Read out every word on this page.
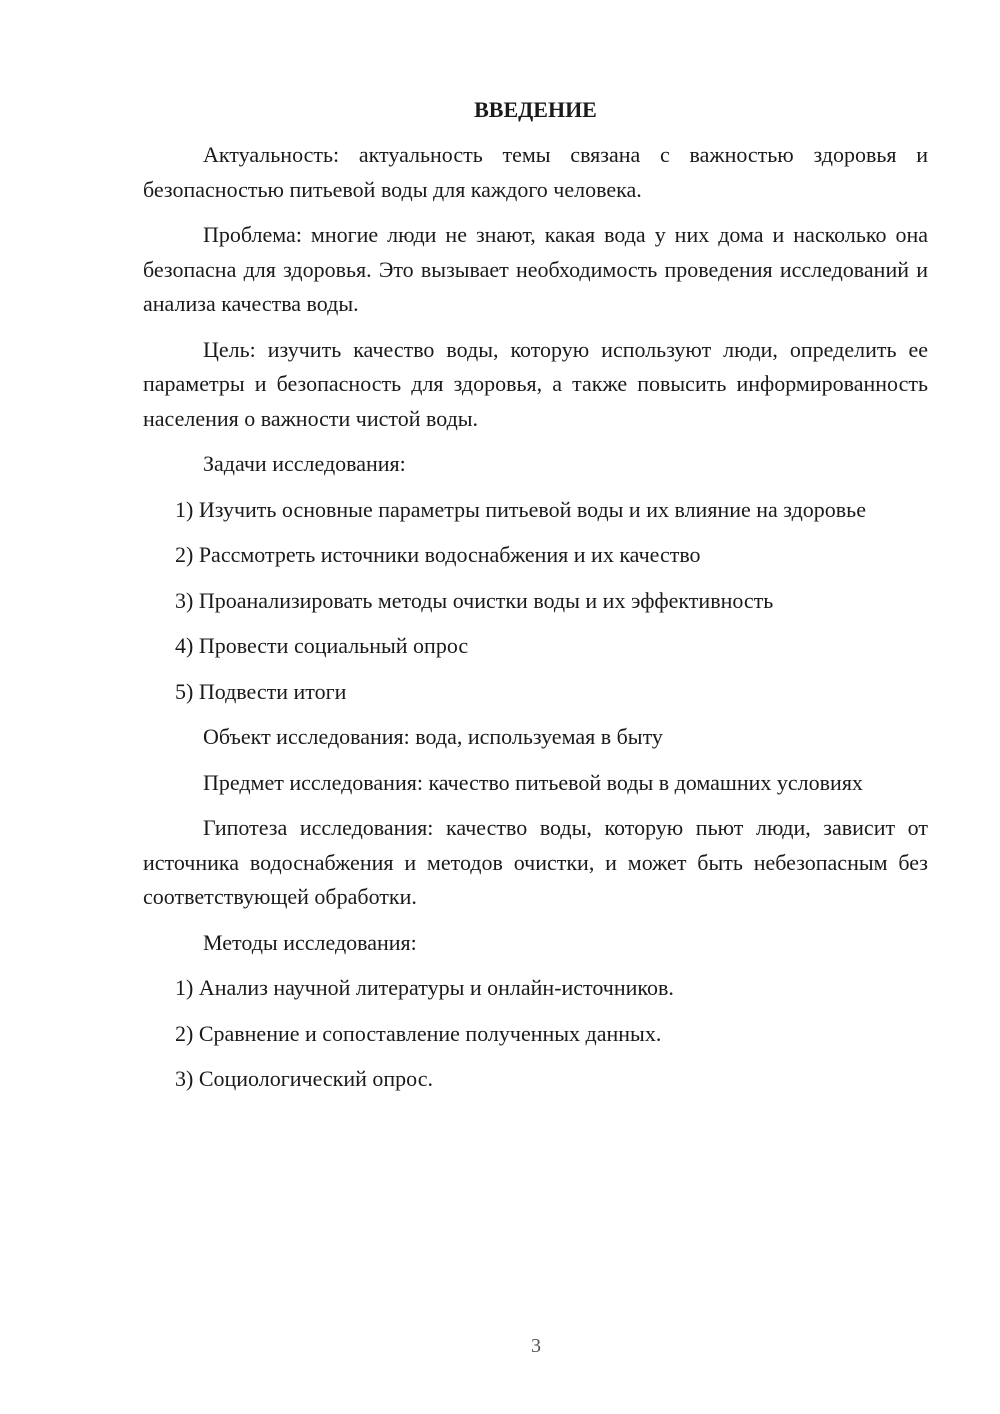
ВВЕДЕНИЕ

Актуальность: актуальность темы связана с важностью здоровья и безопасностью питьевой воды для каждого человека.

Проблема: многие люди не знают, какая вода у них дома и насколько она безопасна для здоровья. Это вызывает необходимость проведения исследований и анализа качества воды.

Цель: изучить качество воды, которую используют люди, определить ее параметры и безопасность для здоровья, а также повысить информированность населения о важности чистой воды.

Задачи исследования:

1) Изучить основные параметры питьевой воды и их влияние на здоровье

2) Рассмотреть источники водоснабжения и их качество

3) Проанализировать методы очистки воды и их эффективность

4) Провести социальный опрос

5) Подвести итоги

Объект исследования: вода, используемая в быту

Предмет исследования: качество питьевой воды в домашних условиях

Гипотеза исследования: качество воды, которую пьют люди, зависит от источника водоснабжения и методов очистки, и может быть небезопасным без соответствующей обработки.

Методы исследования:

1) Анализ научной литературы и онлайн-источников.

2) Сравнение и сопоставление полученных данных.

3) Социологический опрос.

3
